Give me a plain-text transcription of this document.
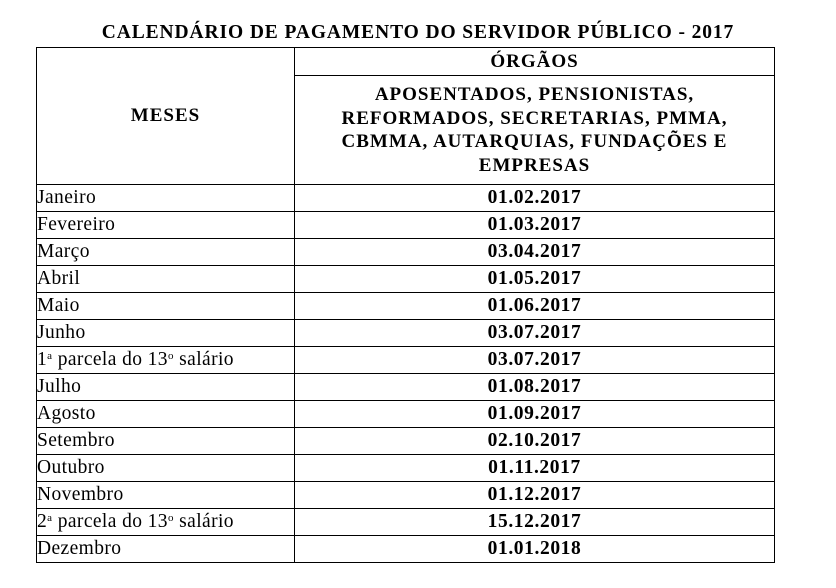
CALENDÁRIO DE PAGAMENTO DO SERVIDOR PÚBLICO - 2017
MESES	ÓRGÃOS

	APOSENTADOS, PENSIONISTAS,
REFORMADOS, SECRETARIAS, PMMA,
CBMMA, AUTARQUIAS, FUNDAÇÕES E
EMPRESAS

Janeiro	01.02.2017
Fevereiro	01.03.2017
Março	03.04.2017
Abril	01.05.2017
Maio	01.06.2017
Junho	03.07.2017
1$^a$ parcela do 13$^o$ salário	03.07.2017
Julho	01.08.2017
Agosto	01.09.2017
Setembro	02.10.2017
Outubro	01.11.2017
Novembro	01.12.2017
2$^a$ parcela do 13$^o$ salário	15.12.2017
Dezembro	01.01.2018
